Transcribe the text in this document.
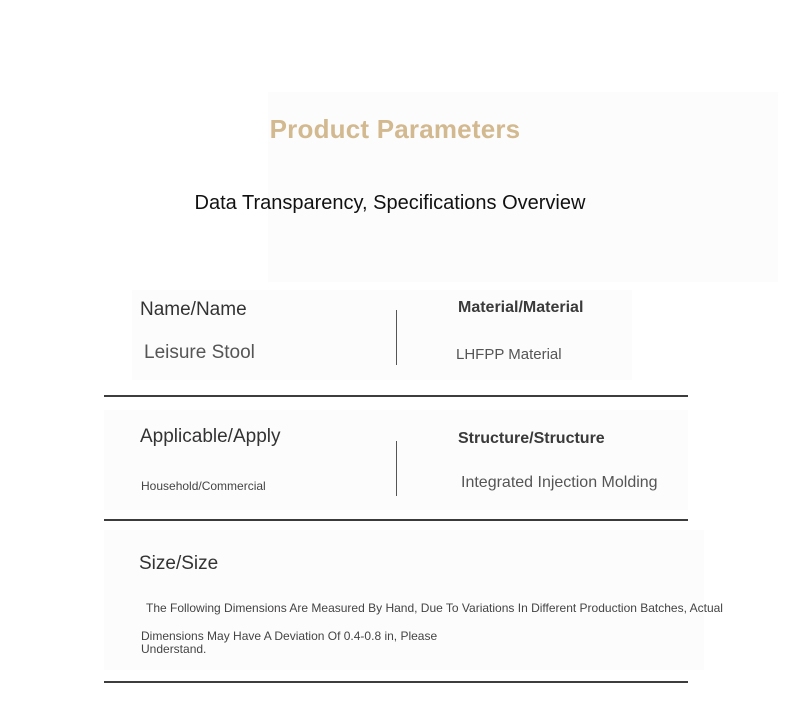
Product Parameters
Data Transparency, Specifications Overview
Name/Name
Leisure Stool
Material/Material
LHFPP Material
Applicable/Apply
Household/Commercial
Structure/Structure
Integrated Injection Molding
Size/Size
The Following Dimensions Are Measured By Hand, Due To Variations In Different Production Batches, Actual
Dimensions May Have A Deviation Of 0.4-0.8 in, Please
Understand.
